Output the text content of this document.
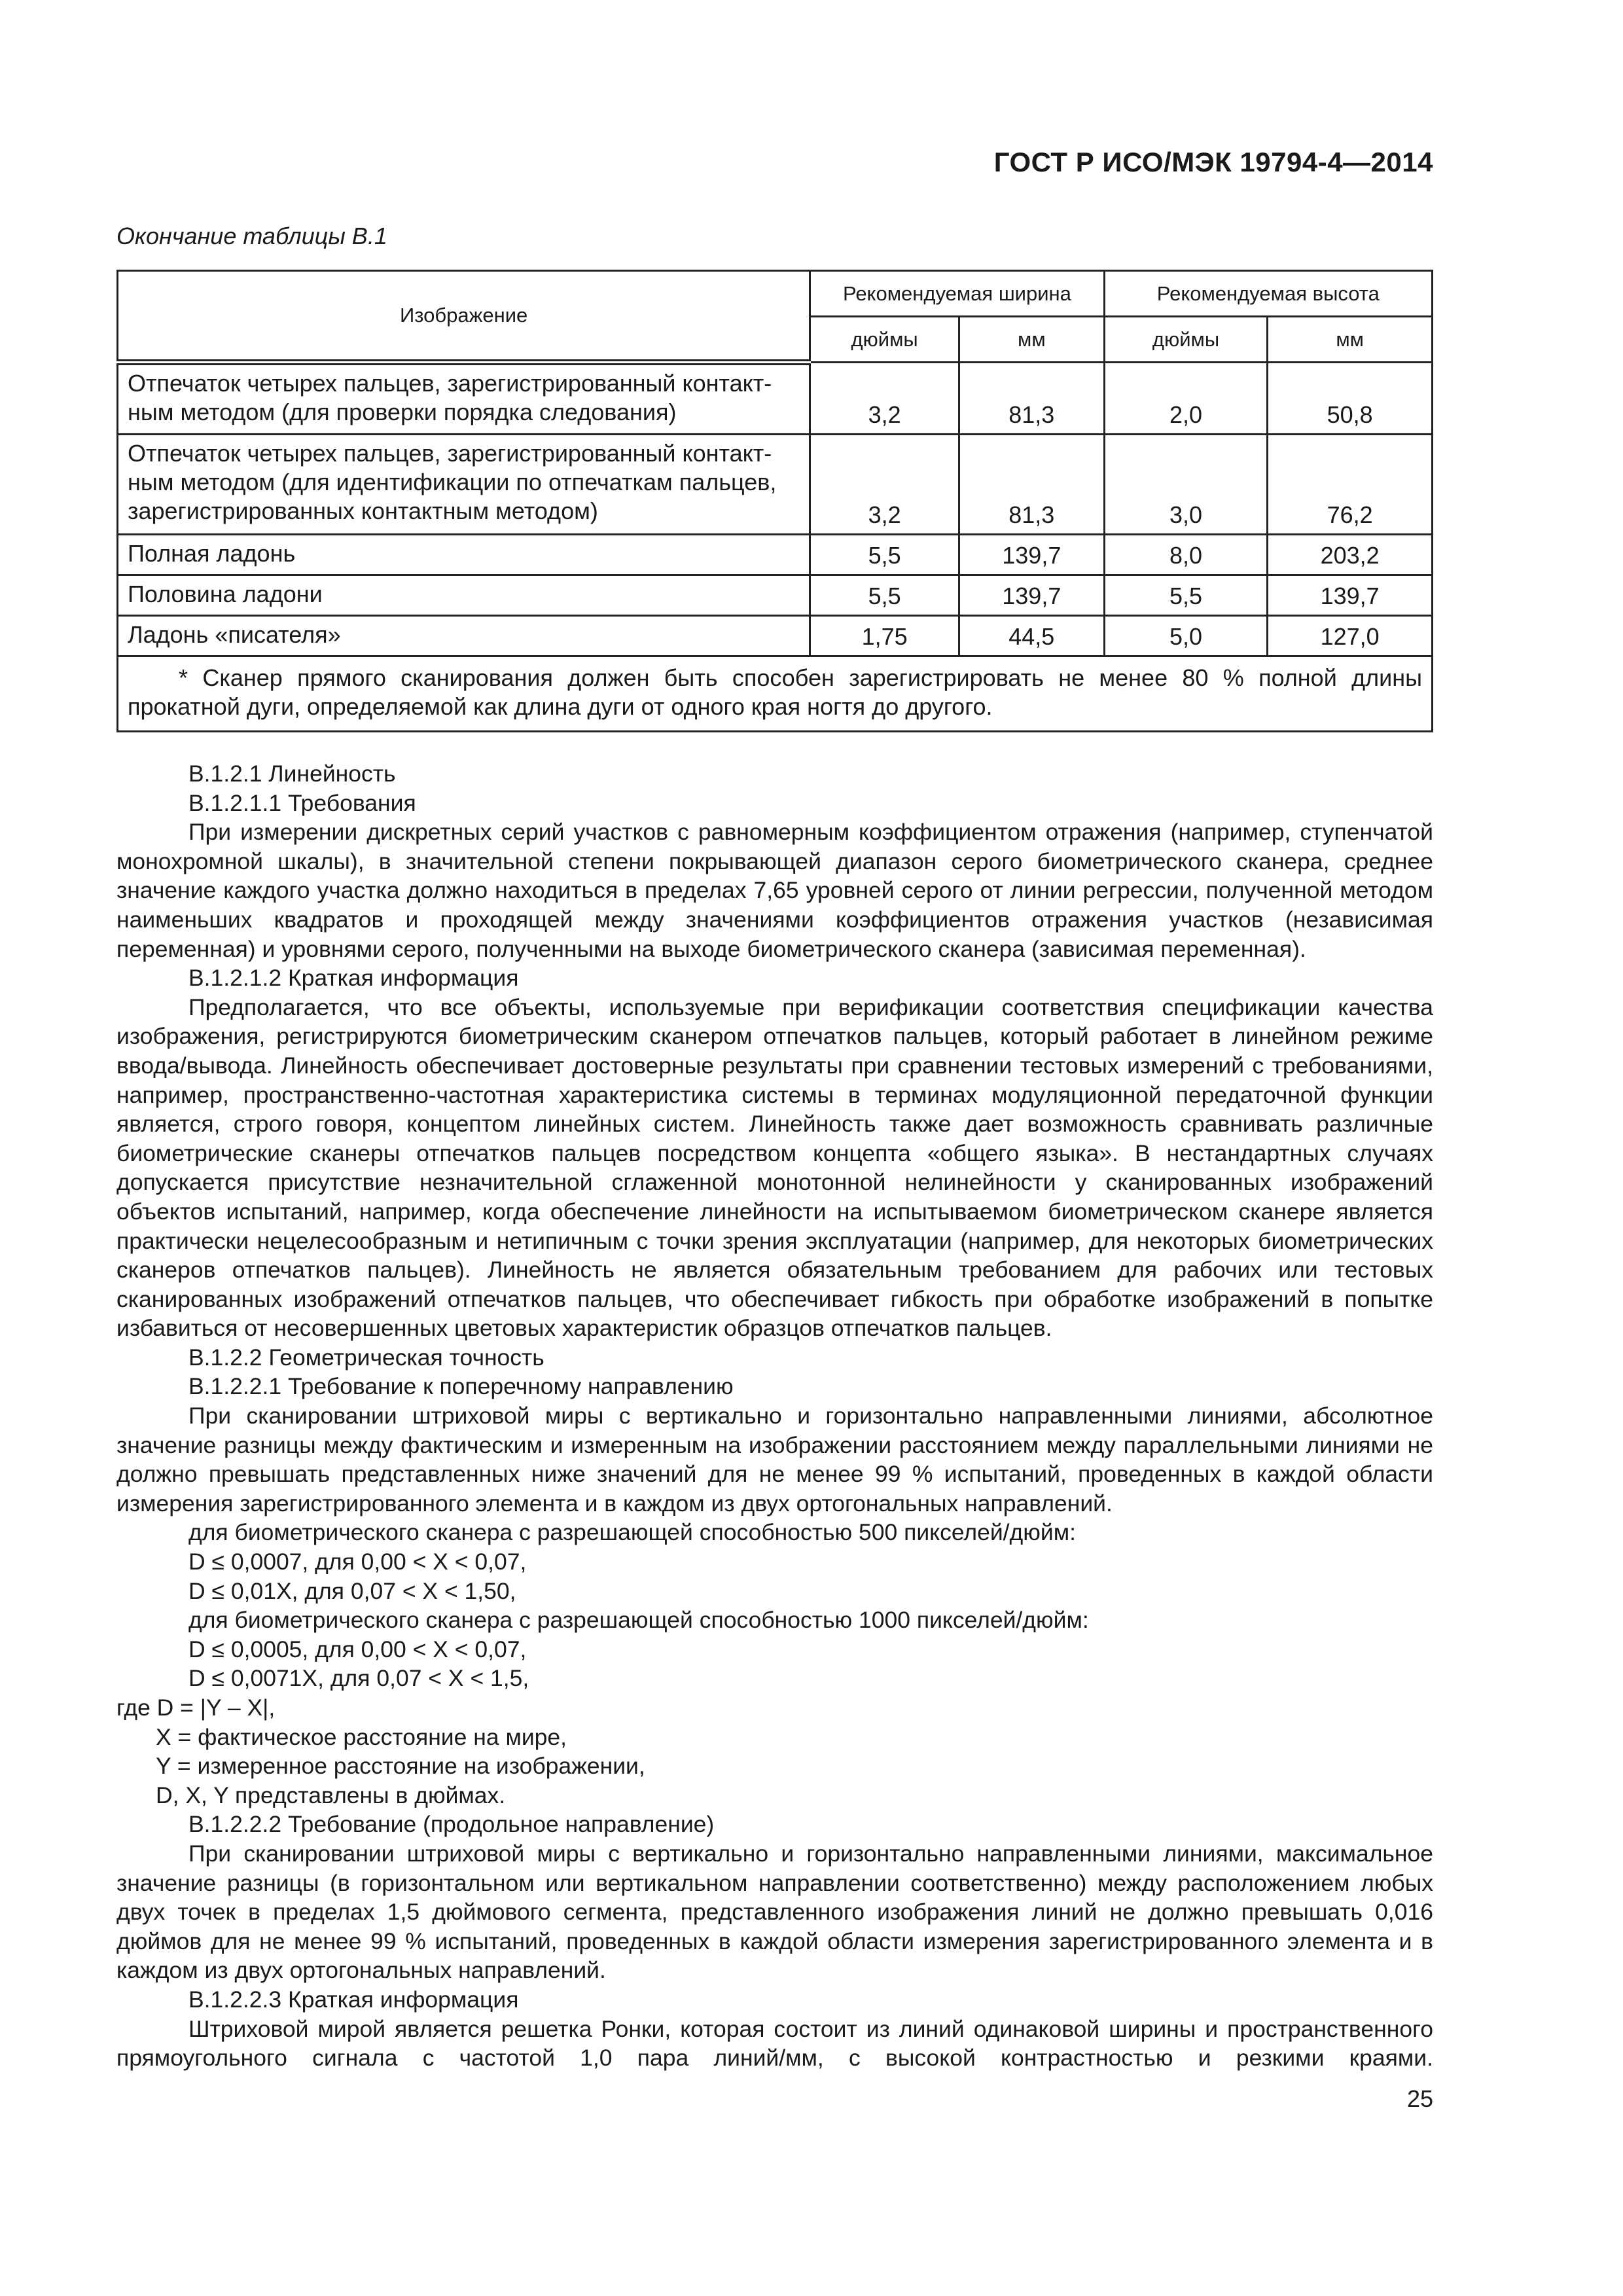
ГОСТ Р ИСО/МЭК 19794-4—2014
Окончание таблицы В.1
Изображение	Рекомендуемая ширина		Рекомендуемая высота	
	дюймы	мм	дюймы	мм
Отпечаток четырех пальцев, зарегистрированный контакт-
ным методом (для проверки порядка следования)	3,2	81,3	2,0	50,8
Отпечаток четырех пальцев, зарегистрированный контакт-
ным методом (для идентификации по отпечаткам пальцев,
зарегистрированных контактным методом)	3,2	81,3	3,0	76,2
Полная ладонь	5,5	139,7	8,0	203,2
Половина ладони	5,5	139,7	5,5	139,7
Ладонь «писателя»	1,75	44,5	5,0	127,0
* Сканер прямого сканирования должен быть способен зарегистрировать не менее 80 % полной длины прокатной дуги, определяемой как длина дуги от одного края ногтя до другого.				

В.1.2.1 Линейность

В.1.2.1.1 Требования

При измерении дискретных серий участков с равномерным коэффициентом отражения (например, ступенчатой монохромной шкалы), в значительной степени покрывающей диапазон серого биометрического сканера, среднее значение каждого участка должно находиться в пределах 7,65 уровней серого от линии регрессии, полученной методом наименьших квадратов и проходящей между значениями коэффициентов отражения участков (независимая переменная) и уровнями серого, полученными на выходе биометрического сканера (зависимая переменная).

В.1.2.1.2 Краткая информация

Предполагается, что все объекты, используемые при верификации соответствия спецификации качества изображения, регистрируются биометрическим сканером отпечатков пальцев, который работает в линейном режиме ввода/вывода. Линейность обеспечивает достоверные результаты при сравнении тестовых измерений с требованиями, например, пространственно-частотная характеристика системы в терминах модуляционной передаточной функции является, строго говоря, концептом линейных систем. Линейность также дает возможность сравнивать различные биометрические сканеры отпечатков пальцев посредством концепта «общего языка». В нестандартных случаях допускается присутствие незначительной сглаженной монотонной нелинейности у сканированных изображений объектов испытаний, например, когда обеспечение линейности на испытываемом биометрическом сканере является практически нецелесообразным и нетипичным с точки зрения эксплуатации (например, для некоторых биометрических сканеров отпечатков пальцев). Линейность не является обязательным требованием для рабочих или тестовых сканированных изображений отпечатков пальцев, что обеспечивает гибкость при обработке изображений в попытке избавиться от несовершенных цветовых характеристик образцов отпечатков пальцев.

В.1.2.2 Геометрическая точность

В.1.2.2.1 Требование к поперечному направлению

При сканировании штриховой миры с вертикально и горизонтально направленными линиями, абсолютное значение разницы между фактическим и измеренным на изображении расстоянием между параллельными линиями не должно превышать представленных ниже значений для не менее 99 % испытаний, проведенных в каждой области измерения зарегистрированного элемента и в каждом из двух ортогональных направлений.

для биометрического сканера с разрешающей способностью 500 пикселей/дюйм:

D ≤ 0,0007, для 0,00 < X < 0,07,

D ≤ 0,01X, для 0,07 < X < 1,50,

для биометрического сканера с разрешающей способностью 1000 пикселей/дюйм:

D ≤ 0,0005, для 0,00 < X < 0,07,

D ≤ 0,0071X, для 0,07 < X < 1,5,

где D = |Y – X|,

X = фактическое расстояние на мире,

Y = измеренное расстояние на изображении,

D, X, Y представлены в дюймах.

В.1.2.2.2 Требование (продольное направление)

При сканировании штриховой миры с вертикально и горизонтально направленными линиями, максимальное значение разницы (в горизонтальном или вертикальном направлении соответственно) между расположением любых двух точек в пределах 1,5 дюймового сегмента, представленного изображения линий не должно превышать 0,016 дюймов для не менее 99 % испытаний, проведенных в каждой области измерения зарегистрированного элемента и в каждом из двух ортогональных направлений.

В.1.2.2.3 Краткая информация

Штриховой мирой является решетка Ронки, которая состоит из линий одинаковой ширины и пространственного прямоугольного сигнала с частотой 1,0 пара линий/мм, с высокой контрастностью и резкими краями.

25
